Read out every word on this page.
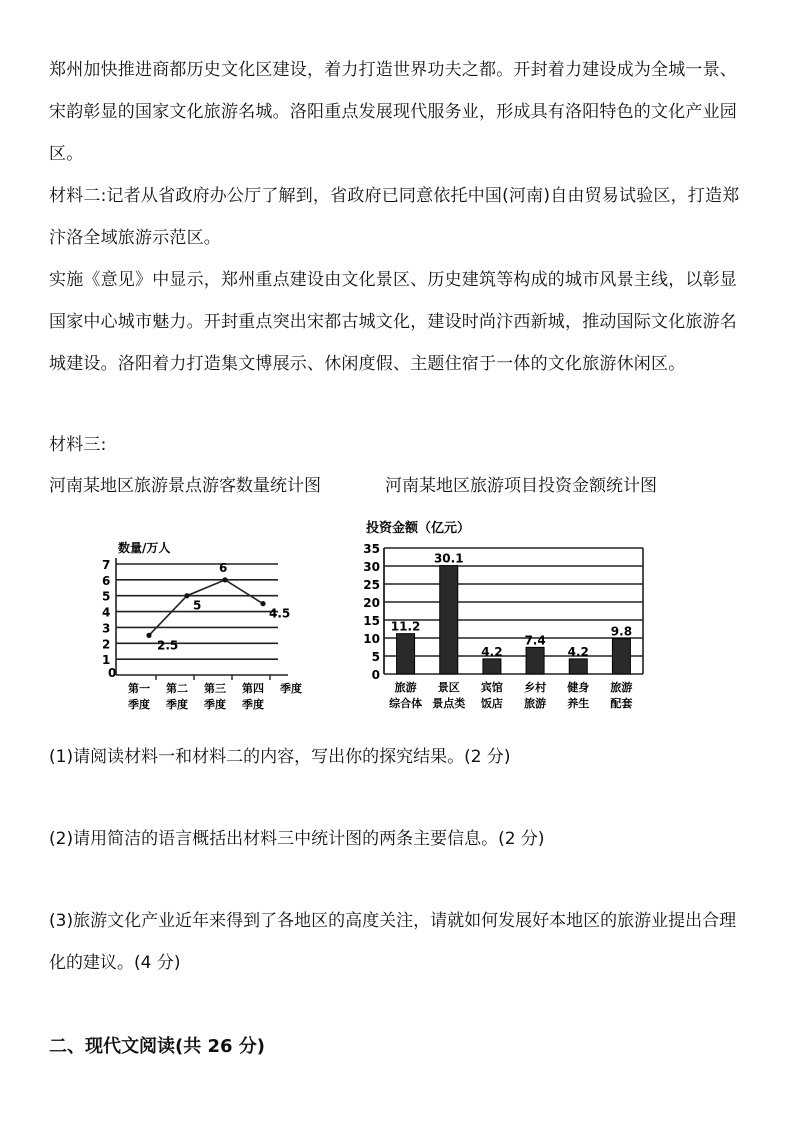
郑州加快推进商都历史文化区建设，着力打造世界功夫之都。开封着力建设成为全城一景、宋韵彰显的国家文化旅游名城。洛阳重点发展现代服务业，形成具有洛阳特色的文化产业园区。

材料二:记者从省政府办公厅了解到，省政府已同意依托中国(河南)自由贸易试验区，打造郑汴洛全域旅游示范区。

实施《意见》中显示，郑州重点建设由文化景区、历史建筑等构成的城市风景主线，以彰显国家中心城市魅力。开封重点突出宋都古城文化，建设时尚汴西新城，推动国际文化旅游名城建设。洛阳着力打造集文博展示、休闲度假、主题住宿于一体的文化旅游休闲区。

材料三:

河南某地区旅游景点游客数量统计图	河南某地区旅游项目投资金额统计图
数量/万人
1
2
3
4
5
6
7
0
第一
季度
第二
季度
第三
季度
第四
季度
季度
2.5
5
6
4.5
投资金额（亿元）
0
5
10
15
20
25
30
35
11.2
旅游
综合体
30.1
景区
景点类
4.2
宾馆
饭店
7.4
乡村
旅游
4.2
健身
养生
9.8
旅游
配套

(1)请阅读材料一和材料二的内容，写出你的探究结果。(2 分)

(2)请用简洁的语言概括出材料三中统计图的两条主要信息。(2 分)

(3)旅游文化产业近年来得到了各地区的高度关注，请就如何发展好本地区的旅游业提出合理化的建议。(4 分)

二、现代文阅读(共 26 分)
